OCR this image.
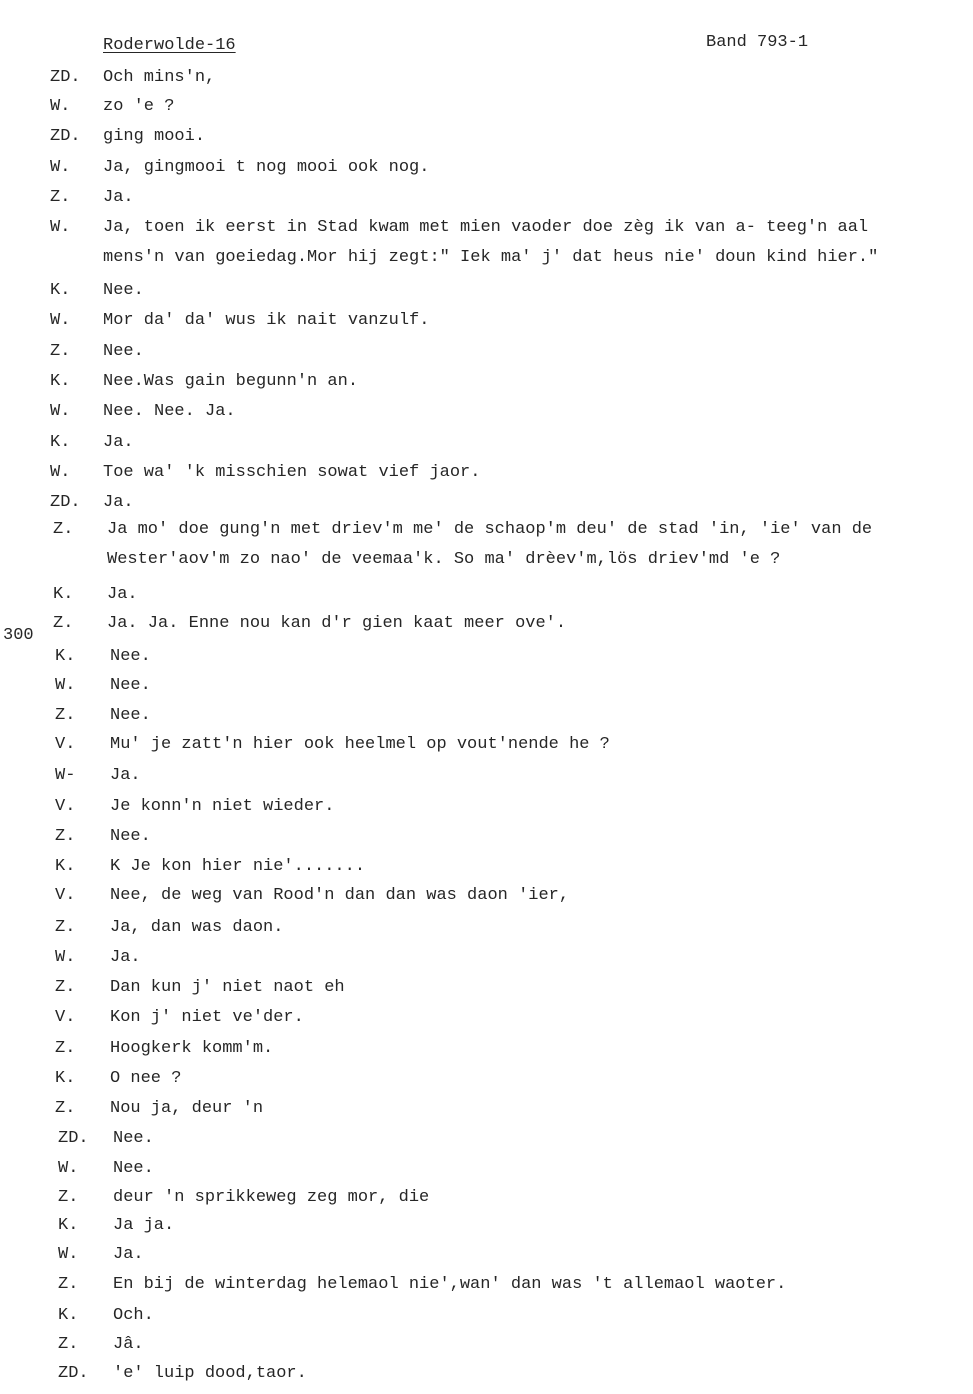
Roderwolde-16	Band 793-1
300
ZD. Och mins'n,
W. zo 'e ?
ZD. ging mooi.
W. Ja, gingmooi t nog mooi ook nog.
Z. Ja.
W. Ja, toen ik eerst in Stad kwam met mien vaoder doe zèg ik van a- teeg'n aal
mens'n van goeiedag.Mor hij zegt:" Iek ma' j' dat heus nie' doun kind hier."
K. Nee.
W. Mor da' da' wus ik nait vanzulf.
Z. Nee.
K. Nee.Was gain begunn'n an.
W. Nee. Nee. Ja.
K. Ja.
W. Toe wa' 'k misschien sowat vief jaor.
ZD. Ja.
Z. Ja mo' doe gung'n met driev'm me' de schaop'm deu' de stad 'in, 'ie' van de
Wester'aov'm zo nao' de veemaa'k. So ma' drèev'm,lös driev'md 'e ?
K. Ja.
Z. Ja. Ja. Enne nou kan d'r gien kaat meer ove'.
K. Nee.
W. Nee.
Z. Nee.
V. Mu' je zatt'n hier ook heelmel op vout'nende he ?
W- Ja.
V. Je konn'n niet wieder.
Z. Nee.
K. K Je kon hier nie'.......
V. Nee, de weg van Rood'n dan dan was daon 'ier,
Z. Ja, dan was daon.
W. Ja.
Z. Dan kun j' niet naot eh
V. Kon j' niet ve'der.
Z. Hoogkerk komm'm.
K. O nee ?
Z. Nou ja, deur 'n
ZD. Nee.
W. Nee.
Z. deur 'n sprikkeweg zeg mor, die
K. Ja ja.
W. Ja.
Z. En bij de winterdag helemaol nie',wan' dan was 't allemaol waoter.
K. Och.
Z. Jâ.
ZD. 'e' luip dood,taor.
